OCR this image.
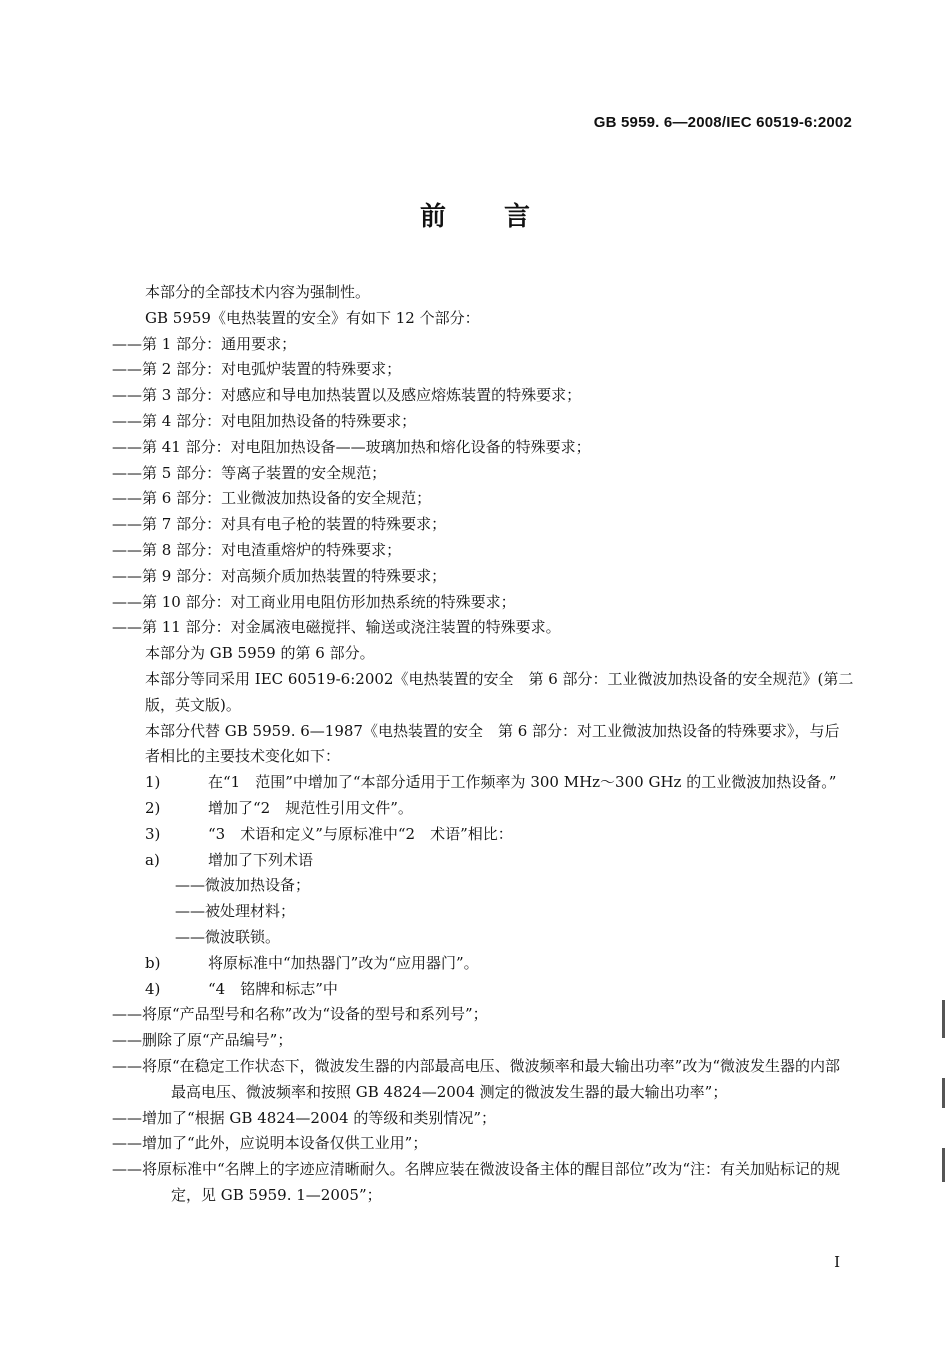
GB 5959. 6—2008/IEC 60519-6:2002
前言

本部分的全部技术内容为强制性。

GB 5959《电热装置的安全》有如下 12 个部分：

——第 1 部分：通用要求；

——第 2 部分：对电弧炉装置的特殊要求；

——第 3 部分：对感应和导电加热装置以及感应熔炼装置的特殊要求；

——第 4 部分：对电阻加热设备的特殊要求；

——第 41 部分：对电阻加热设备——玻璃加热和熔化设备的特殊要求；

——第 5 部分：等离子装置的安全规范；

——第 6 部分：工业微波加热设备的安全规范；

——第 7 部分：对具有电子枪的装置的特殊要求；

——第 8 部分：对电渣重熔炉的特殊要求；

——第 9 部分：对高频介质加热装置的特殊要求；

——第 10 部分：对工商业用电阻仿形加热系统的特殊要求；

——第 11 部分：对金属液电磁搅拌、输送或浇注装置的特殊要求。

本部分为 GB 5959 的第 6 部分。

本部分等同采用 IEC 60519-6:2002《电热装置的安全　第 6 部分：工业微波加热设备的安全规范》(第二版，英文版)。

本部分代替 GB 5959. 6—1987《电热装置的安全　第 6 部分：对工业微波加热设备的特殊要求》，与后者相比的主要技术变化如下：

1)	在“1　范围”中增加了“本部分适用于工作频率为 300 MHz～300 GHz 的工业微波加热设备。”

2)	增加了“2　规范性引用文件”。

3)	“3　术语和定义”与原标准中“2　术语”相比：

a)	增加了下列术语

——微波加热设备；

——被处理材料；

——微波联锁。

b)	将原标准中“加热器门”改为“应用器门”。

4)	“4　铭牌和标志”中

——将原“产品型号和名称”改为“设备的型号和系列号”；

——删除了原“产品编号”；

——将原“在稳定工作状态下，微波发生器的内部最高电压、微波频率和最大输出功率”改为“微波发生器的内部最高电压、微波频率和按照 GB 4824—2004 测定的微波发生器的最大输出功率”；

——增加了“根据 GB 4824—2004 的等级和类别情况”；

——增加了“此外，应说明本设备仅供工业用”；

——将原标准中“名牌上的字迹应清晰耐久。名牌应装在微波设备主体的醒目部位”改为“注：有关加贴标记的规定，见 GB 5959. 1—2005”；

I
